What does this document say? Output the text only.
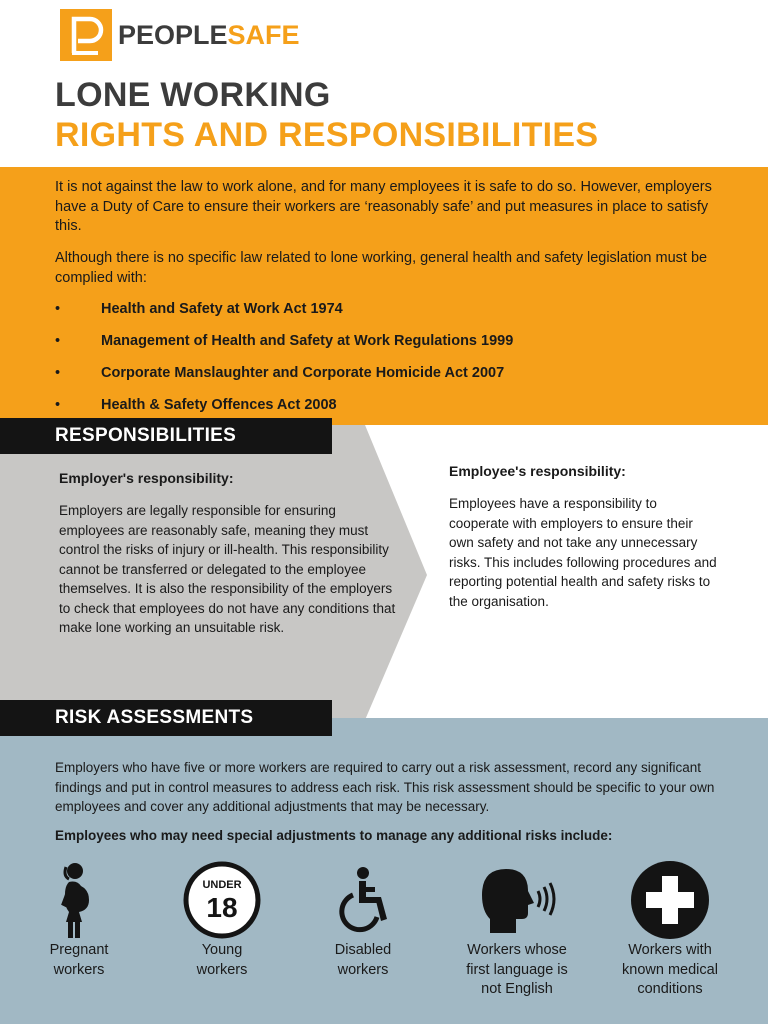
PEOPLESAFE
LONE WORKING
RIGHTS AND RESPONSIBILITIES

It is not against the law to work alone, and for many employees it is safe to do so. However, employers have a Duty of Care to ensure their workers are ‘reasonably safe’ and put measures in place to satisfy this.

Although there is no specific law related to lone working, general health and safety legislation must be complied with:

•	Health and Safety at Work Act 1974
•	Management of Health and Safety at Work Regulations 1999
•	Corporate Manslaughter and Corporate Homicide Act 2007
•	Health & Safety Offences Act 2008
RESPONSIBILITIES
Employer's responsibility:

Employers are legally responsible for ensuring employees are reasonably safe, meaning they must control the risks of injury or ill-health. This responsibility cannot be transferred or delegated to the employee themselves. It is also the responsibility of the employers to check that employees do not have any conditions that make lone working an unsuitable risk.

Employee's responsibility:

Employees have a responsibility to cooperate with employers to ensure their own safety and not take any unnecessary risks. This includes following procedures and reporting potential health and safety risks to the organisation.

RISK ASSESSMENTS

Employers who have five or more workers are required to carry out a risk assessment, record any significant findings and put in control measures to address each risk. This risk assessment should be specific to your own employees and cover any additional adjustments that may be necessary.

Employees who may need special adjustments to manage any additional risks include:

Pregnant
workers
UNDER
18
Young
workers
Disabled
workers
Workers whose
first language is
not English
Workers with
known medical
conditions
